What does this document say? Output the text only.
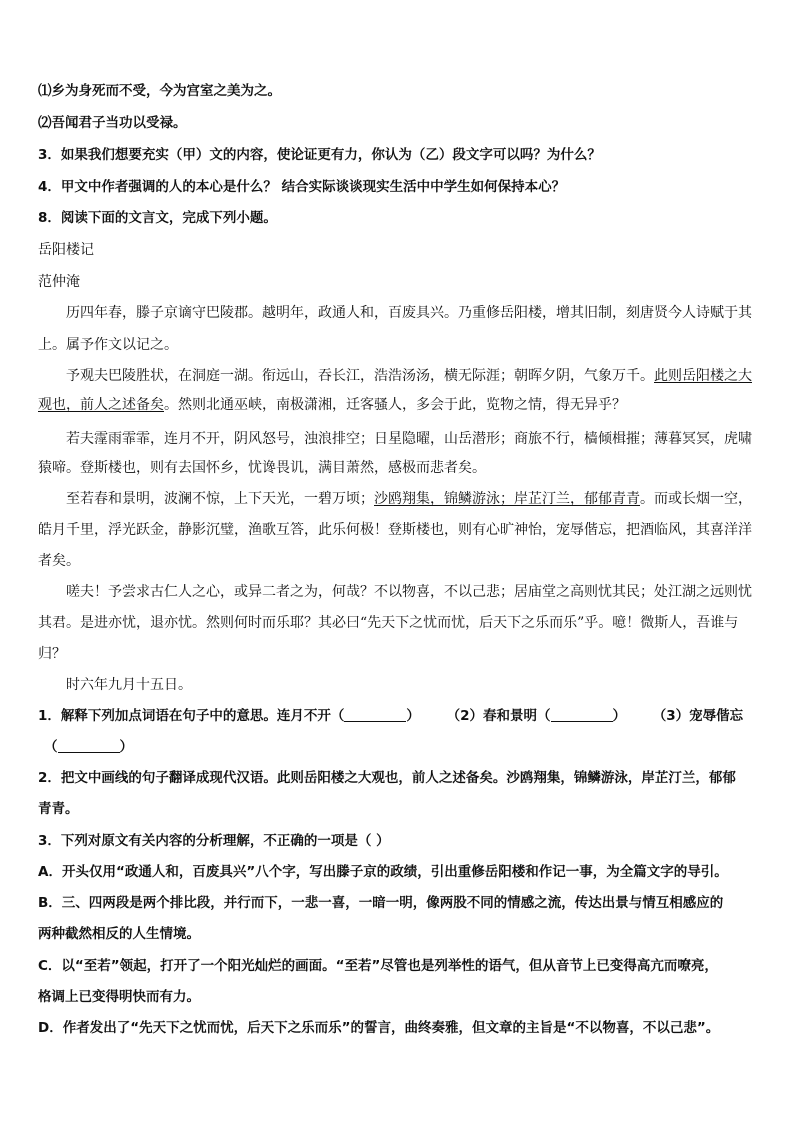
⑴乡为身死而不受，今为宫室之美为之。
⑵吾闻君子当功以受禄。
3．如果我们想要充实（甲）文的内容，使论证更有力，你认为（乙）段文字可以吗？为什么？
4．甲文中作者强调的人的本心是什么？ 结合实际谈谈现实生活中中学生如何保持本心？
8．阅读下面的文言文，完成下列小题。
岳阳楼记
范仲淹
历四年春，滕子京谪守巴陵郡。越明年，政通人和，百废具兴。乃重修岳阳楼，增其旧制，刻唐贤今人诗赋于其
上。属予作文以记之。
予观夫巴陵胜状，在洞庭一湖。衔远山，吞长江，浩浩汤汤，横无际涯；朝晖夕阴，气象万千。此则岳阳楼之大
观也，前人之述备矣。然则北通巫峡，南极潇湘，迁客骚人，多会于此，览物之情，得无异乎？
若夫霪雨霏霏，连月不开，阴风怒号，浊浪排空；日星隐曜，山岳潜形；商旅不行，樯倾楫摧；薄暮冥冥，虎啸
猿啼。登斯楼也，则有去国怀乡，忧谗畏讥，满目萧然，感极而悲者矣。
至若春和景明，波澜不惊，上下天光，一碧万顷；沙鸥翔集，锦鳞游泳；岸芷汀兰，郁郁青青。而或长烟一空，
皓月千里，浮光跃金，静影沉璧，渔歌互答，此乐何极！登斯楼也，则有心旷神怡，宠辱偕忘，把酒临风，其喜洋洋
者矣。
嗟夫！予尝求古仁人之心，或异二者之为，何哉？不以物喜，不以己悲；居庙堂之高则忧其民；处江湖之远则忧
其君。是进亦忧，退亦忧。然则何时而乐耶？其必曰“先天下之忧而忧，后天下之乐而乐”乎。噫！微斯人，吾谁与
归？
时六年九月十五日。
1．解释下列加点词语在句子中的意思。连月不开（	） （2）春和景明（	） （3）宠辱偕忘
（	）
2．把文中画线的句子翻译成现代汉语。此则岳阳楼之大观也，前人之述备矣。沙鸥翔集，锦鳞游泳，岸芷汀兰，郁郁
青青。
3．下列对原文有关内容的分析理解，不正确的一项是（ ）
A．开头仅用“政通人和，百废具兴”八个字，写出滕子京的政绩，引出重修岳阳楼和作记一事，为全篇文字的导引。
B．三、四两段是两个排比段，并行而下，一悲一喜，一暗一明，像两股不同的情感之流，传达出景与情互相感应的
两种截然相反的人生情境。
C．以“至若”领起，打开了一个阳光灿烂的画面。“至若”尽管也是列举性的语气，但从音节上已变得高亢而嘹亮，
格调上已变得明快而有力。
D．作者发出了“先天下之忧而忧，后天下之乐而乐”的誓言，曲终奏雅，但文章的主旨是“不以物喜，不以己悲”。
